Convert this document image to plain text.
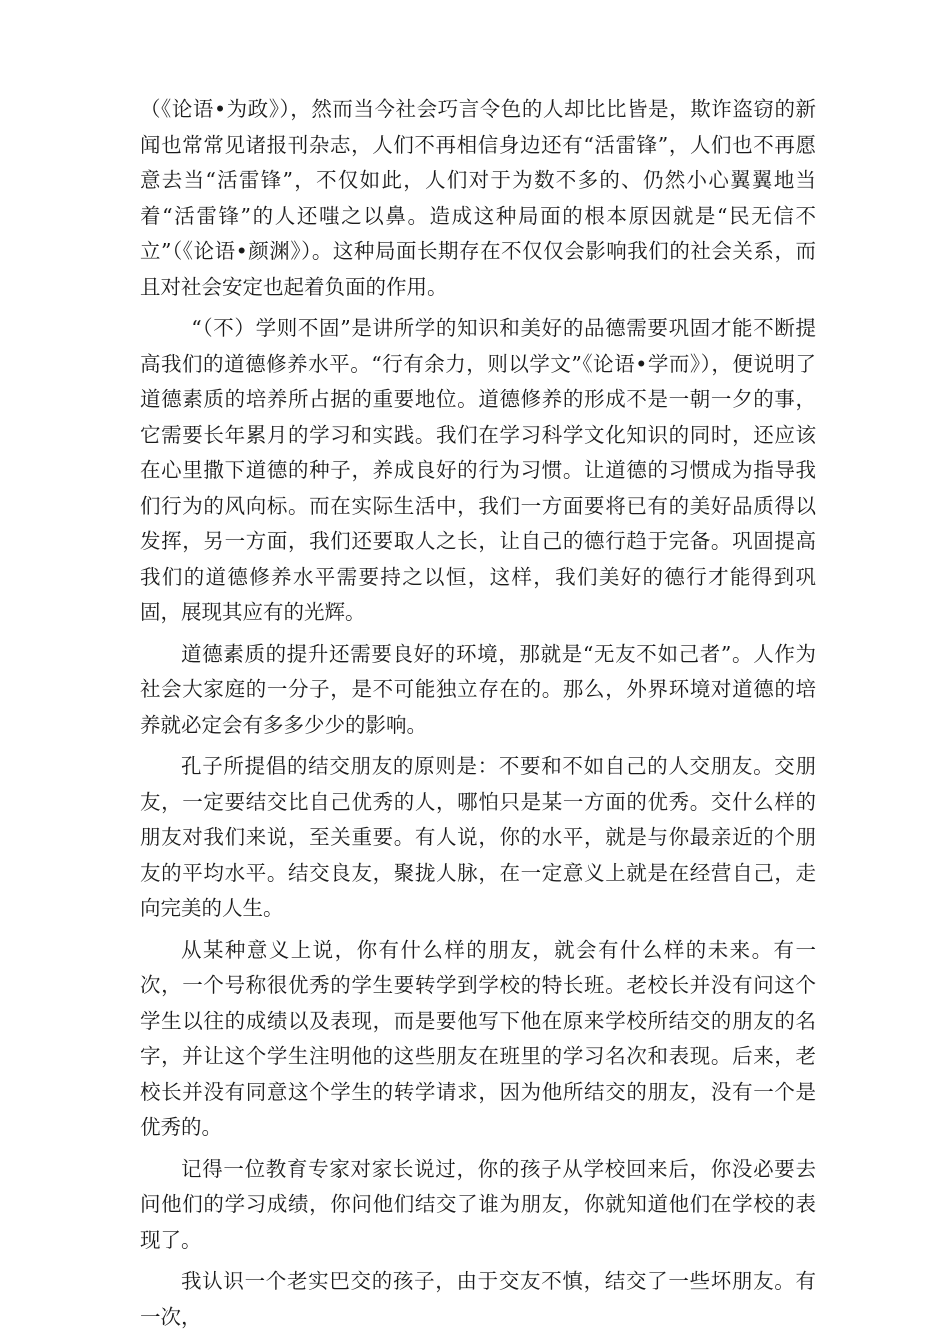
（《论语•为政》），然而当今社会巧言令色的人却比比皆是，欺诈盗窃的新闻也常常见诸报刊杂志，人们不再相信身边还有“活雷锋”，人们也不再愿意去当“活雷锋”，不仅如此，人们对于为数不多的、仍然小心翼翼地当着“活雷锋”的人还嗤之以鼻。造成这种局面的根本原因就是“民无信不立”（《论语•颜渊》）。这种局面长期存在不仅仅会影响我们的社会关系，而且对社会安定也起着负面的作用。

“（不）学则不固”是讲所学的知识和美好的品德需要巩固才能不断提高我们的道德修养水平。“行有余力，则以学文”《论语•学而》），便说明了道德素质的培养所占据的重要地位。道德修养的形成不是一朝一夕的事，它需要长年累月的学习和实践。我们在学习科学文化知识的同时，还应该在心里撒下道德的种子，养成良好的行为习惯。让道德的习惯成为指导我们行为的风向标。而在实际生活中，我们一方面要将已有的美好品质得以发挥，另一方面，我们还要取人之长，让自己的德行趋于完备。巩固提高我们的道德修养水平需要持之以恒，这样，我们美好的德行才能得到巩固，展现其应有的光辉。

道德素质的提升还需要良好的环境，那就是“无友不如己者”。人作为社会大家庭的一分子，是不可能独立存在的。那么，外界环境对道德的培养就必定会有多多少少的影响。

孔子所提倡的结交朋友的原则是：不要和不如自己的人交朋友。交朋友，一定要结交比自己优秀的人，哪怕只是某一方面的优秀。交什么样的朋友对我们来说，至关重要。有人说，你的水平，就是与你最亲近的个朋友的平均水平。结交良友，聚拢人脉，在一定意义上就是在经营自己，走向完美的人生。

从某种意义上说，你有什么样的朋友，就会有什么样的未来。有一次，一个号称很优秀的学生要转学到学校的特长班。老校长并没有问这个学生以往的成绩以及表现，而是要他写下他在原来学校所结交的朋友的名字，并让这个学生注明他的这些朋友在班里的学习名次和表现。后来，老校长并没有同意这个学生的转学请求，因为他所结交的朋友，没有一个是优秀的。

记得一位教育专家对家长说过，你的孩子从学校回来后，你没必要去问他们的学习成绩，你问他们结交了谁为朋友，你就知道他们在学校的表现了。

我认识一个老实巴交的孩子，由于交友不慎，结交了一些坏朋友。有一次，
